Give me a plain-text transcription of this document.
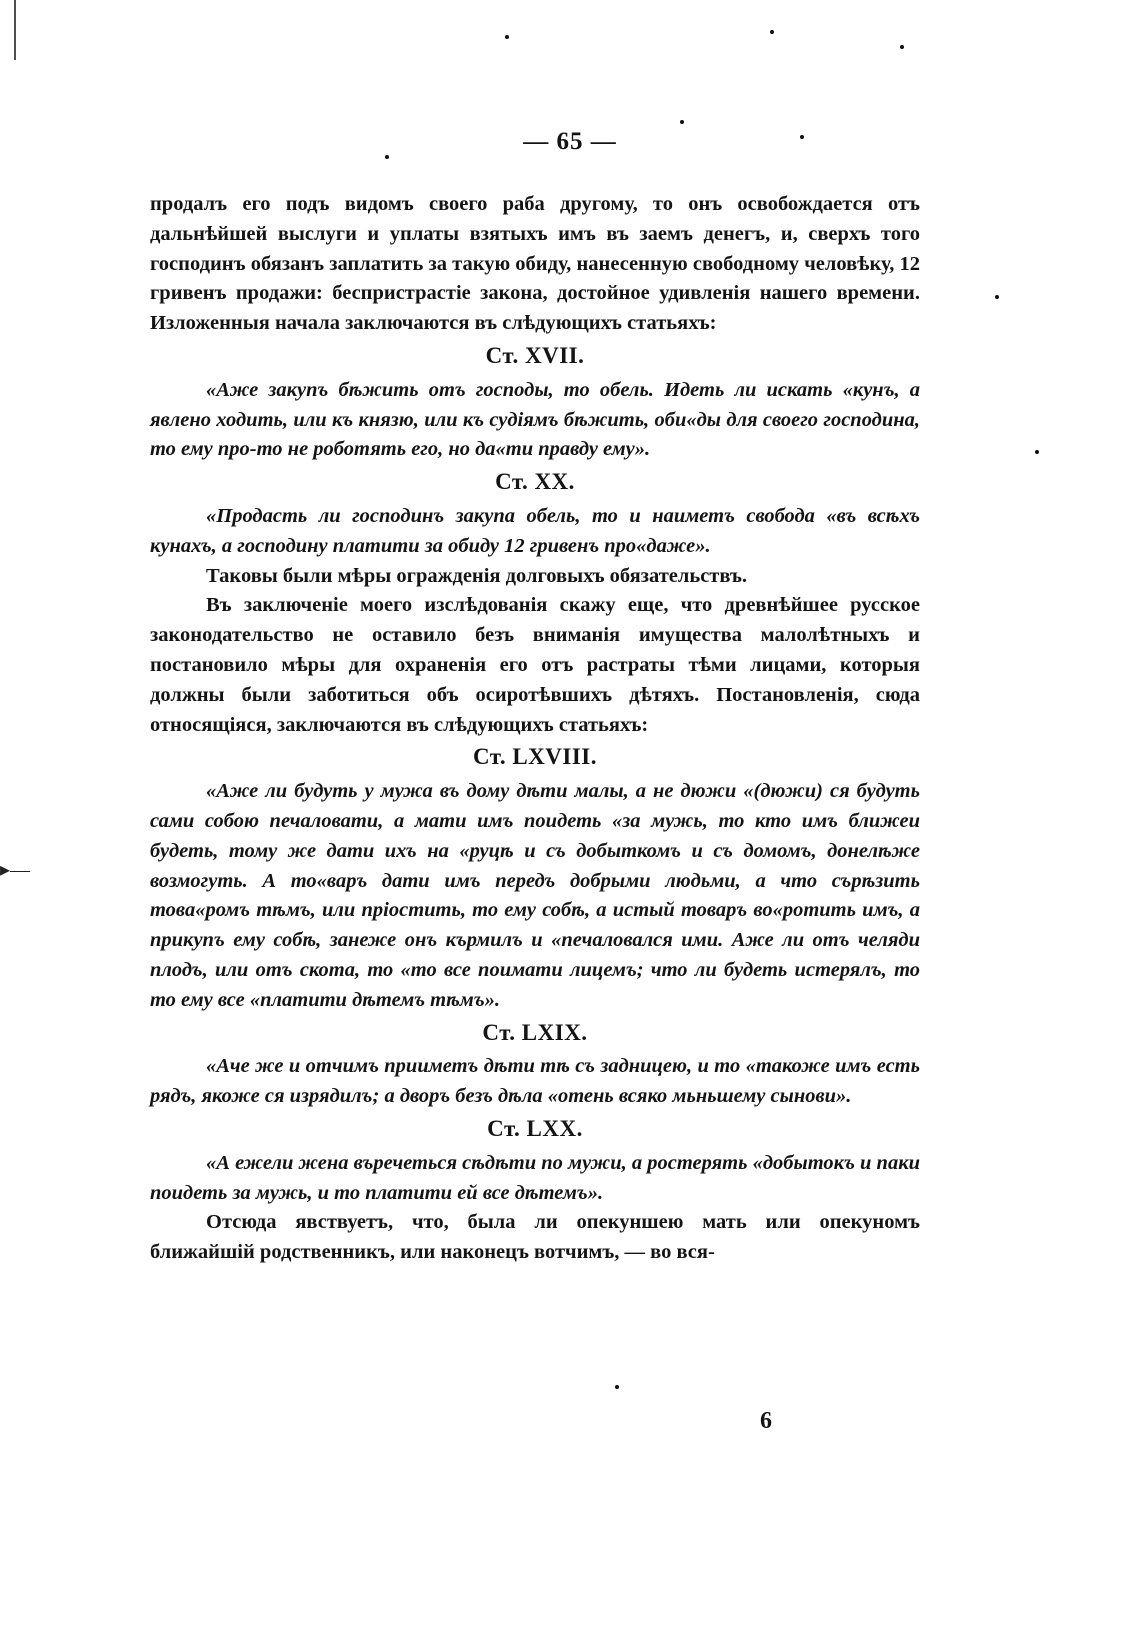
▸—
— 65 —

продалъ его подъ видомъ своего раба другому, то онъ освобождается отъ дальнѣйшей выслуги и уплаты взятыхъ имъ въ заемъ денегъ, и, сверхъ того господинъ обязанъ заплатить за такую обиду, нанесенную свободному человѣку, 12 гривенъ продажи: беспристрастіе закона, достойное удивленія нашего времени. Изложенныя начала заключаются въ слѣдующихъ статьяхъ:

Ст. XVII.

«Аже закупъ бѣжить отъ господы, то обель. Идеть ли искать «кунъ, а явлено ходить, или къ князю, или къ судіямъ бѣжить, оби«ды для своего господина, то ему про-то не роботять его, но да«ти правду ему».

Ст. XX.

«Продасть ли господинъ закупа обель, то и наиметъ свобода «въ всѣхъ кунахъ, а господину платити за обиду 12 гривенъ про«даже».

Таковы были мѣры огражденія долговыхъ обязательствъ.

Въ заключеніе моего изслѣдованія скажу еще, что древнѣйшее русское законодательство не оставило безъ вниманія имущества малолѣтныхъ и постановило мѣры для охраненія его отъ растраты тѣми лицами, которыя должны были заботиться объ осиротѣвшихъ дѣтяхъ. Постановленія, сюда относящіяся, заключаются въ слѣдующихъ статьяхъ:

Ст. LXVIII.

«Аже ли будуть у мужа въ дому дѣти малы, а не дюжи «(дюжи) ся будуть сами собою печаловати, а мати имъ поидеть «за мужь, то кто имъ ближеи будеть, тому же дати ихъ на «руцѣ и съ добыткомъ и съ домомъ, донелѣже возмогуть. А то«варъ дати имъ передъ добрыми людьми, а что сърѣзить това«ромъ тѣмъ, или пріостить, то ему собѣ, а истый товаръ во«ротить имъ, а прикупъ ему собѣ, занеже онъ кърмилъ и «печаловался ими. Аже ли отъ челяди плодъ, или отъ скота, то «то все поимати лицемъ; что ли будеть истерялъ, то то ему все «платити дѣтемъ тѣмъ».

Ст. LXIX.

«Аче же и отчимъ прииметъ дѣти тѣ съ задницею, и то «такоже имъ есть рядъ, якоже ся изрядилъ; а дворъ безъ дѣла «отень всяко мьньшему сынови».

Ст. LXX.

«А ежели жена въречеться сѣдѣти по мужи, а ростерять «добытокъ и паки поидеть за мужь, и то платити ей все дѣтемъ».

Отсюда явствуетъ, что, была ли опекуншею мать или опекуномъ ближайшій родственникъ, или наконецъ вотчимъ, — во вся-

6
